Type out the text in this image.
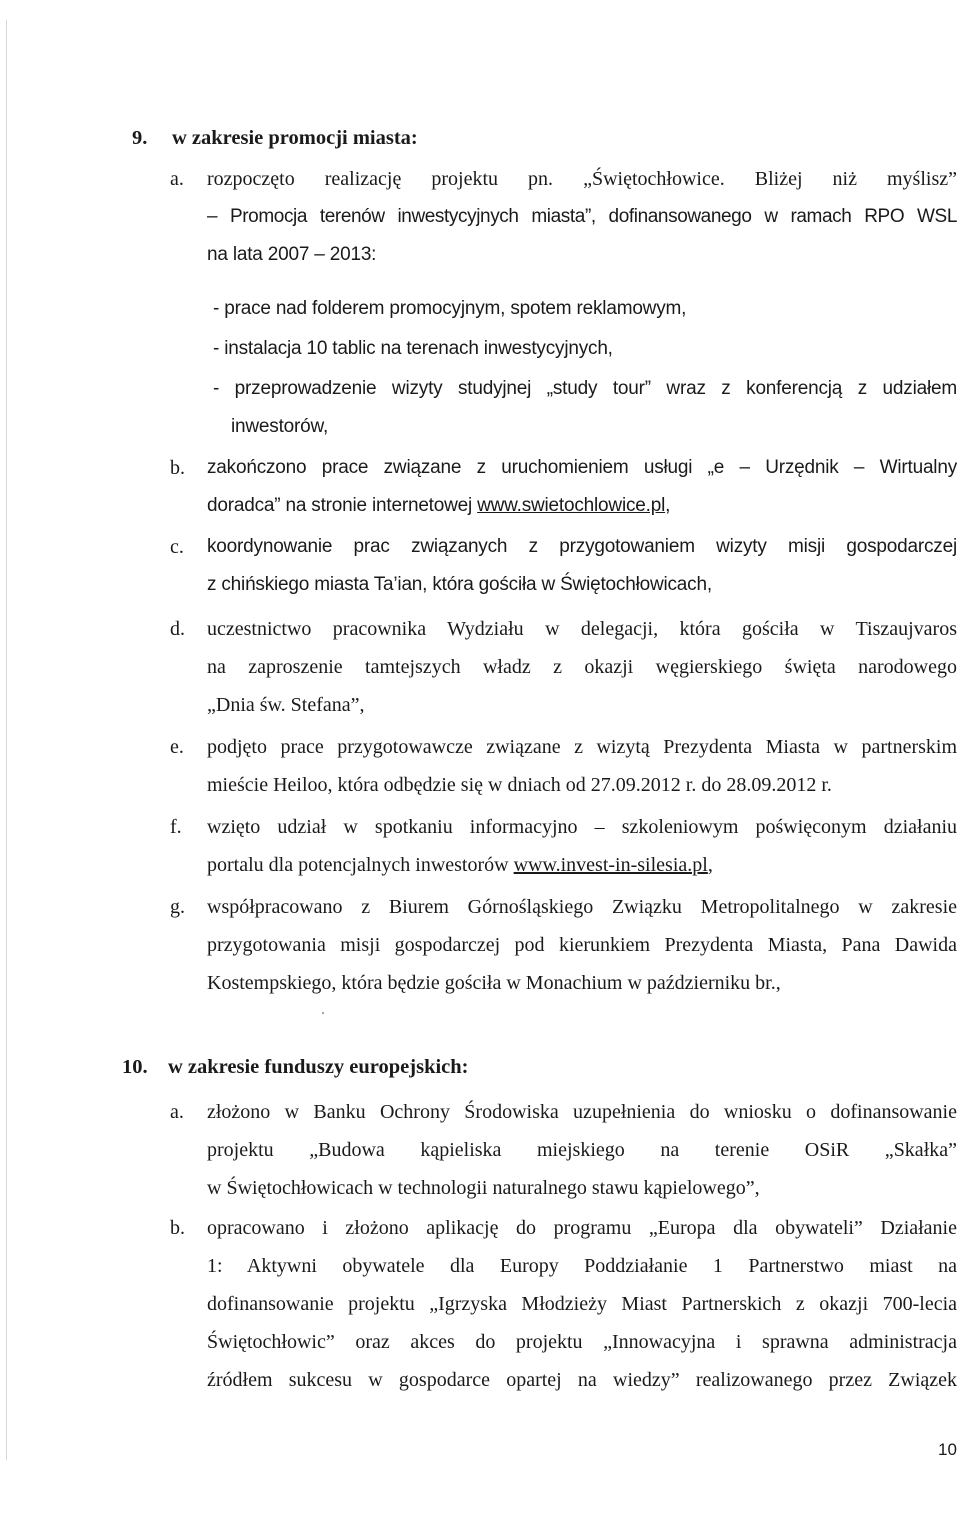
9. w zakresie promocji miasta:
a. rozpoczęto realizację projektu pn. „Świętochłowice. Bliżej niż myślisz”
– Promocja terenów inwestycyjnych miasta”, dofinansowanego w ramach RPO WSL
na lata 2007 – 2013:
- prace nad folderem promocyjnym, spotem reklamowym,
- instalacja 10 tablic na terenach inwestycyjnych,
- przeprowadzenie wizyty studyjnej „study tour” wraz z konferencją z udziałem
inwestorów,
b. zakończono prace związane z uruchomieniem usługi „e – Urzędnik – Wirtualny
doradca” na stronie internetowej www.swietochlowice.pl,
c. koordynowanie prac związanych z przygotowaniem wizyty misji gospodarczej
z chińskiego miasta Ta’ian, która gościła w Świętochłowicach,
d. uczestnictwo pracownika Wydziału w delegacji, która gościła w Tiszaujvaros
na zaproszenie tamtejszych władz z okazji węgierskiego święta narodowego
„Dnia św. Stefana”,
e. podjęto prace przygotowawcze związane z wizytą Prezydenta Miasta w partnerskim
mieście Heiloo, która odbędzie się w dniach od 27.09.2012 r. do 28.09.2012 r.
f. wzięto udział w spotkaniu informacyjno – szkoleniowym poświęconym działaniu
portalu dla potencjalnych inwestorów www.invest-in-silesia.pl,
g. współpracowano z Biurem Górnośląskiego Związku Metropolitalnego w zakresie
przygotowania misji gospodarczej pod kierunkiem Prezydenta Miasta, Pana Dawida
Kostempskiego, która będzie gościła w Monachium w październiku br.,
10. w zakresie funduszy europejskich:
a. złożono w Banku Ochrony Środowiska uzupełnienia do wniosku o dofinansowanie
projektu „Budowa kąpieliska miejskiego na terenie OSiR „Skałka”
w Świętochłowicach w technologii naturalnego stawu kąpielowego”,
b. opracowano i złożono aplikację do programu „Europa dla obywateli” Działanie
1: Aktywni obywatele dla Europy Poddziałanie 1 Partnerstwo miast na
dofinansowanie projektu „Igrzyska Młodzieży Miast Partnerskich z okazji 700-lecia
Świętochłowic” oraz akces do projektu „Innowacyjna i sprawna administracja
źródłem sukcesu w gospodarce opartej na wiedzy” realizowanego przez Związek
10
